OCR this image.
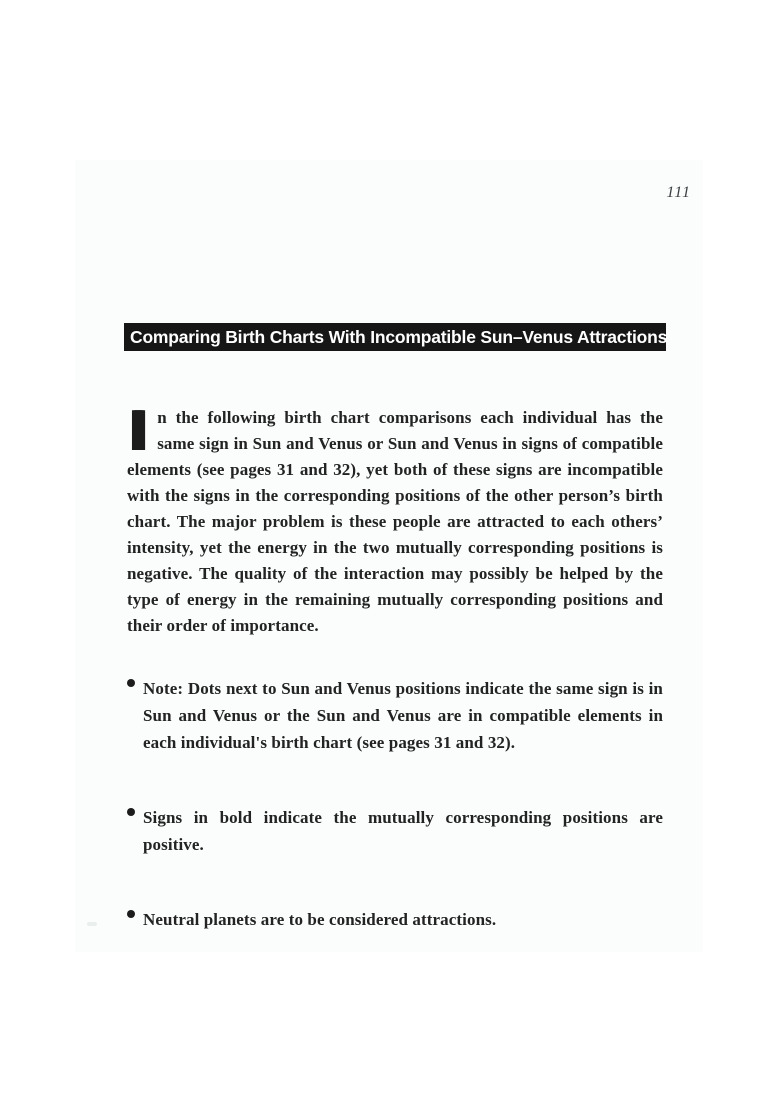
111
Comparing Birth Charts With Incompatible Sun–Venus Attractions

In the following birth chart comparisons each individual has the same sign in Sun and Venus or Sun and Venus in signs of compatible elements (see pages 31 and 32), yet both of these signs are incompatible with the signs in the corresponding positions of the other person’s birth chart. The major problem is these people are attracted to each others’ intensity, yet the energy in the two mutually corresponding positions is negative. The quality of the interaction may possibly be helped by the type of energy in the remaining mutually corresponding positions and their order of importance.

Note: Dots next to Sun and Venus positions indicate the same sign is in Sun and Venus or the Sun and Venus are in compatible elements in each individual's birth chart (see pages 31 and 32).
Signs in bold indicate the mutually corresponding positions are positive.
Neutral planets are to be considered attractions.
